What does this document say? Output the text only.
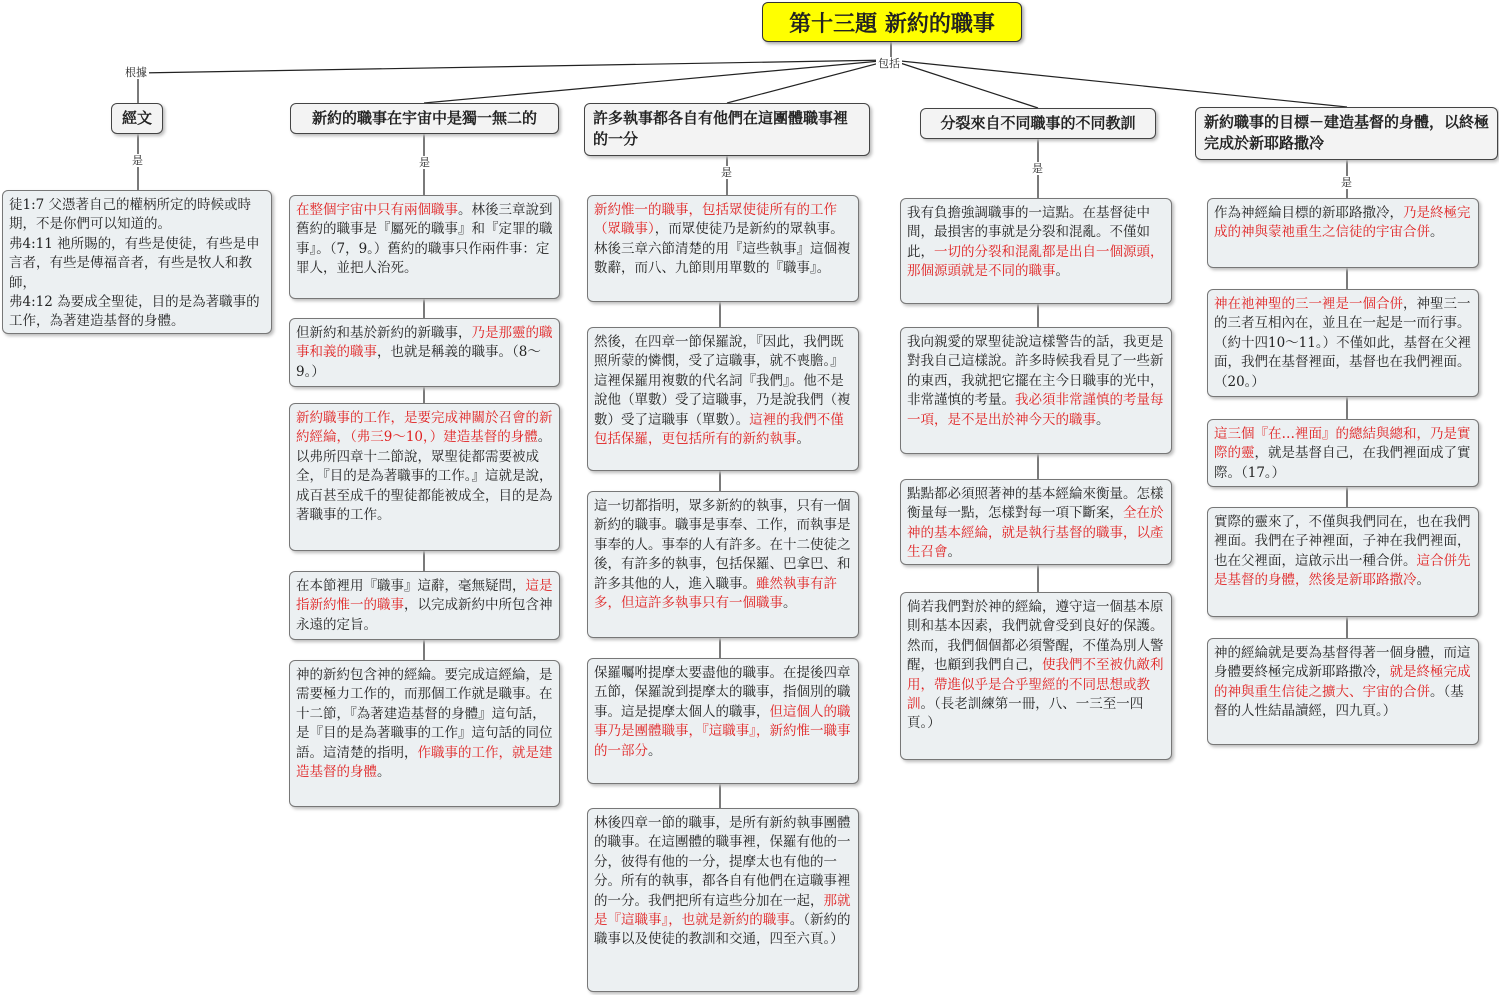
第十三題 新約的職事
根據
包括
是	是
是	是
是
經文	新約的職事在宇宙中是獨一無二的	許多執事都各自有他們在這團體職事裡的一分
分裂來自不同職事的不同教訓	新約職事的目標－建造基督的身體，以終極完成於新耶路撒冷
徒1:7 父憑著自己的權柄所定的時候或時期，不是你們可以知道的。
弗4:11 祂所賜的，有些是使徒，有些是申言者，有些是傳福音者，有些是牧人和教師，
弗4:12 為要成全聖徒，目的是為著職事的工作，為著建造基督的身體。
在整個宇宙中只有兩個職事。林後三章說到舊約的職事是『屬死的職事』和『定罪的職事』。（7，9。）舊約的職事只作兩件事：定罪人，並把人治死。
但新約和基於新約的新職事，乃是那靈的職事和義的職事，也就是稱義的職事。（8～9。）
新約職事的工作，是要完成神關於召會的新約經綸，（弗三9～10，）建造基督的身體。以弗所四章十二節說，眾聖徒都需要被成全，『目的是為著職事的工作。』這就是說，成百甚至成千的聖徒都能被成全，目的是為著職事的工作。
在本節裡用『職事』這辭，毫無疑問，這是指新約惟一的職事，以完成新約中所包含神永遠的定旨。
神的新約包含神的經綸。要完成這經綸，是需要極力工作的，而那個工作就是職事。在十二節，『為著建造基督的身體』這句話，是『目的是為著職事的工作』這句話的同位語。這清楚的指明，作職事的工作，就是建造基督的身體。
新約惟一的職事，包括眾使徒所有的工作（眾職事），而眾使徒乃是新約的眾執事。林後三章六節清楚的用『這些執事』這個複數辭，而八、九節則用單數的『職事』。
然後，在四章一節保羅說，『因此，我們既照所蒙的憐憫，受了這職事，就不喪膽。』這裡保羅用複數的代名詞『我們』。他不是說他（單數）受了這職事，乃是說我們（複數）受了這職事（單數）。這裡的我們不僅包括保羅，更包括所有的新約執事。
這一切都指明，眾多新約的執事，只有一個新約的職事。職事是事奉、工作，而執事是事奉的人。事奉的人有許多。在十二使徒之後，有許多的執事，包括保羅、巴拿巴、和許多其他的人，進入職事。雖然執事有許多，但這許多執事只有一個職事。
保羅囑咐提摩太要盡他的職事。在提後四章五節，保羅說到提摩太的職事，指個別的職事。這是提摩太個人的職事，但這個人的職事乃是團體職事，『這職事』，新約惟一職事的一部分。
林後四章一節的職事，是所有新約執事團體的職事。在這團體的職事裡，保羅有他的一分，彼得有他的一分，提摩太也有他的一分。所有的執事，都各自有他們在這職事裡的一分。我們把所有這些分加在一起，那就是『這職事』，也就是新約的職事。（新約的職事以及使徒的教訓和交通，四至六頁。）
我有負擔強調職事的一這點。在基督徒中間，最損害的事就是分裂和混亂。不僅如此，一切的分裂和混亂都是出自一個源頭，那個源頭就是不同的職事。
我向親愛的眾聖徒說這樣警告的話，我更是對我自己這樣說。許多時候我看見了一些新的東西，我就把它擺在主今日職事的光中，非常謹慎的考量。我必須非常謹慎的考量每一項，是不是出於神今天的職事。
點點都必須照著神的基本經綸來衡量。怎樣衡量每一點，怎樣對每一項下斷案，全在於神的基本經綸，就是執行基督的職事，以產生召會。
倘若我們對於神的經綸，遵守這一個基本原則和基本因素，我們就會受到良好的保護。然而，我們個個都必須警醒，不僅為別人警醒，也顧到我們自己，使我們不至被仇敵利用，帶進似乎是合乎聖經的不同思想或教訓。（長老訓練第一冊，八、一三至一四頁。）
作為神經綸目標的新耶路撒冷，乃是終極完成的神與蒙祂重生之信徒的宇宙合併。
神在祂神聖的三一裡是一個合併，神聖三一的三者互相內在，並且在一起是一而行事。（約十四10～11。）不僅如此，基督在父裡面，我們在基督裡面，基督也在我們裡面。（20。）
這三個『在…裡面』的總結與總和，乃是實際的靈，就是基督自己，在我們裡面成了實際。（17。）
實際的靈來了，不僅與我們同在，也在我們裡面。我們在子神裡面，子神在我們裡面，也在父裡面，這啟示出一種合併。這合併先是基督的身體，然後是新耶路撒冷。
神的經綸就是要為基督得著一個身體，而這身體要終極完成新耶路撒冷，就是終極完成的神與重生信徒之擴大、宇宙的合併。（基督的人性結晶讀經，四九頁。）
